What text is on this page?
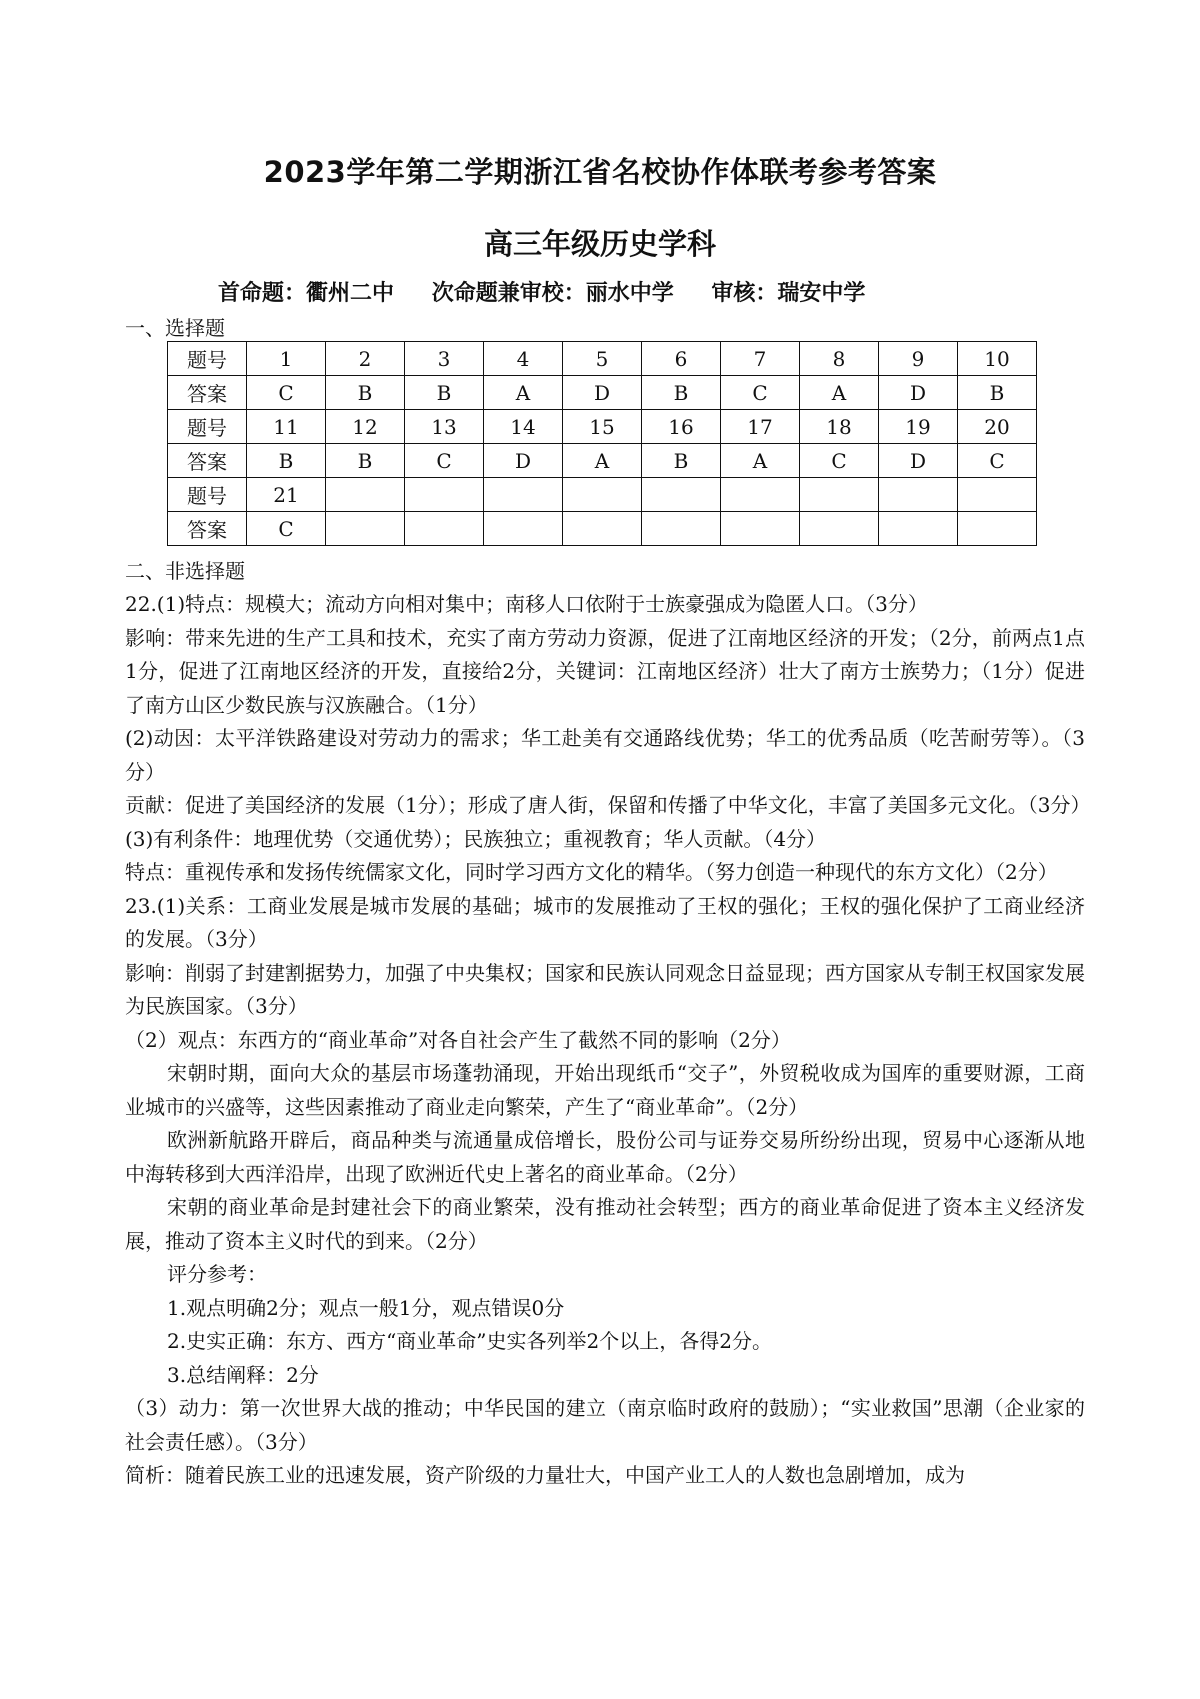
2023学年第二学期浙江省名校协作体联考参考答案
高三年级历史学科
首命题：衢州二中 次命题兼审校：丽水中学 审核：瑞安中学
一、选择题
题号	1	2	3	4	5	6	7	8	9	10
答案	C	B	B	A	D	B	C	A	D	B
题号	11	12	13	14	15	16	17	18	19	20
答案	B	B	C	D	A	B	A	C	D	C
题号	21									
答案	C									
二、非选择题

22.(1)特点：规模大；流动方向相对集中；南移人口依附于士族豪强成为隐匿人口。（3分）

影响：带来先进的生产工具和技术，充实了南方劳动力资源，促进了江南地区经济的开发；（2分，前两点1点1分，促进了江南地区经济的开发，直接给2分，关键词：江南地区经济）壮大了南方士族势力；（1分）促进了南方山区少数民族与汉族融合。（1分）

(2)动因：太平洋铁路建设对劳动力的需求；华工赴美有交通路线优势；华工的优秀品质（吃苦耐劳等）。（3分）

贡献：促进了美国经济的发展（1分）；形成了唐人街，保留和传播了中华文化，丰富了美国多元文化。（3分）

(3)有利条件：地理优势（交通优势）；民族独立；重视教育；华人贡献。（4分）

特点：重视传承和发扬传统儒家文化，同时学习西方文化的精华。（努力创造一种现代的东方文化）（2分）

23.(1)关系：工商业发展是城市发展的基础；城市的发展推动了王权的强化；王权的强化保护了工商业经济的发展。（3分）

影响：削弱了封建割据势力，加强了中央集权；国家和民族认同观念日益显现；西方国家从专制王权国家发展为民族国家。（3分）

（2）观点：东西方的“商业革命”对各自社会产生了截然不同的影响（2分）

宋朝时期，面向大众的基层市场蓬勃涌现，开始出现纸币“交子”，外贸税收成为国库的重要财源，工商业城市的兴盛等，这些因素推动了商业走向繁荣，产生了“商业革命”。（2分）

欧洲新航路开辟后，商品种类与流通量成倍增长，股份公司与证券交易所纷纷出现，贸易中心逐渐从地中海转移到大西洋沿岸，出现了欧洲近代史上著名的商业革命。（2分）

宋朝的商业革命是封建社会下的商业繁荣，没有推动社会转型；西方的商业革命促进了资本主义经济发展，推动了资本主义时代的到来。（2分）

评分参考：

1.观点明确2分；观点一般1分，观点错误0分

2.史实正确：东方、西方“商业革命”史实各列举2个以上，各得2分。

3.总结阐释：2分

（3）动力：第一次世界大战的推动；中华民国的建立（南京临时政府的鼓励）；“实业救国”思潮（企业家的社会责任感）。（3分）

简析：随着民族工业的迅速发展，资产阶级的力量壮大，中国产业工人的人数也急剧增加，成为
